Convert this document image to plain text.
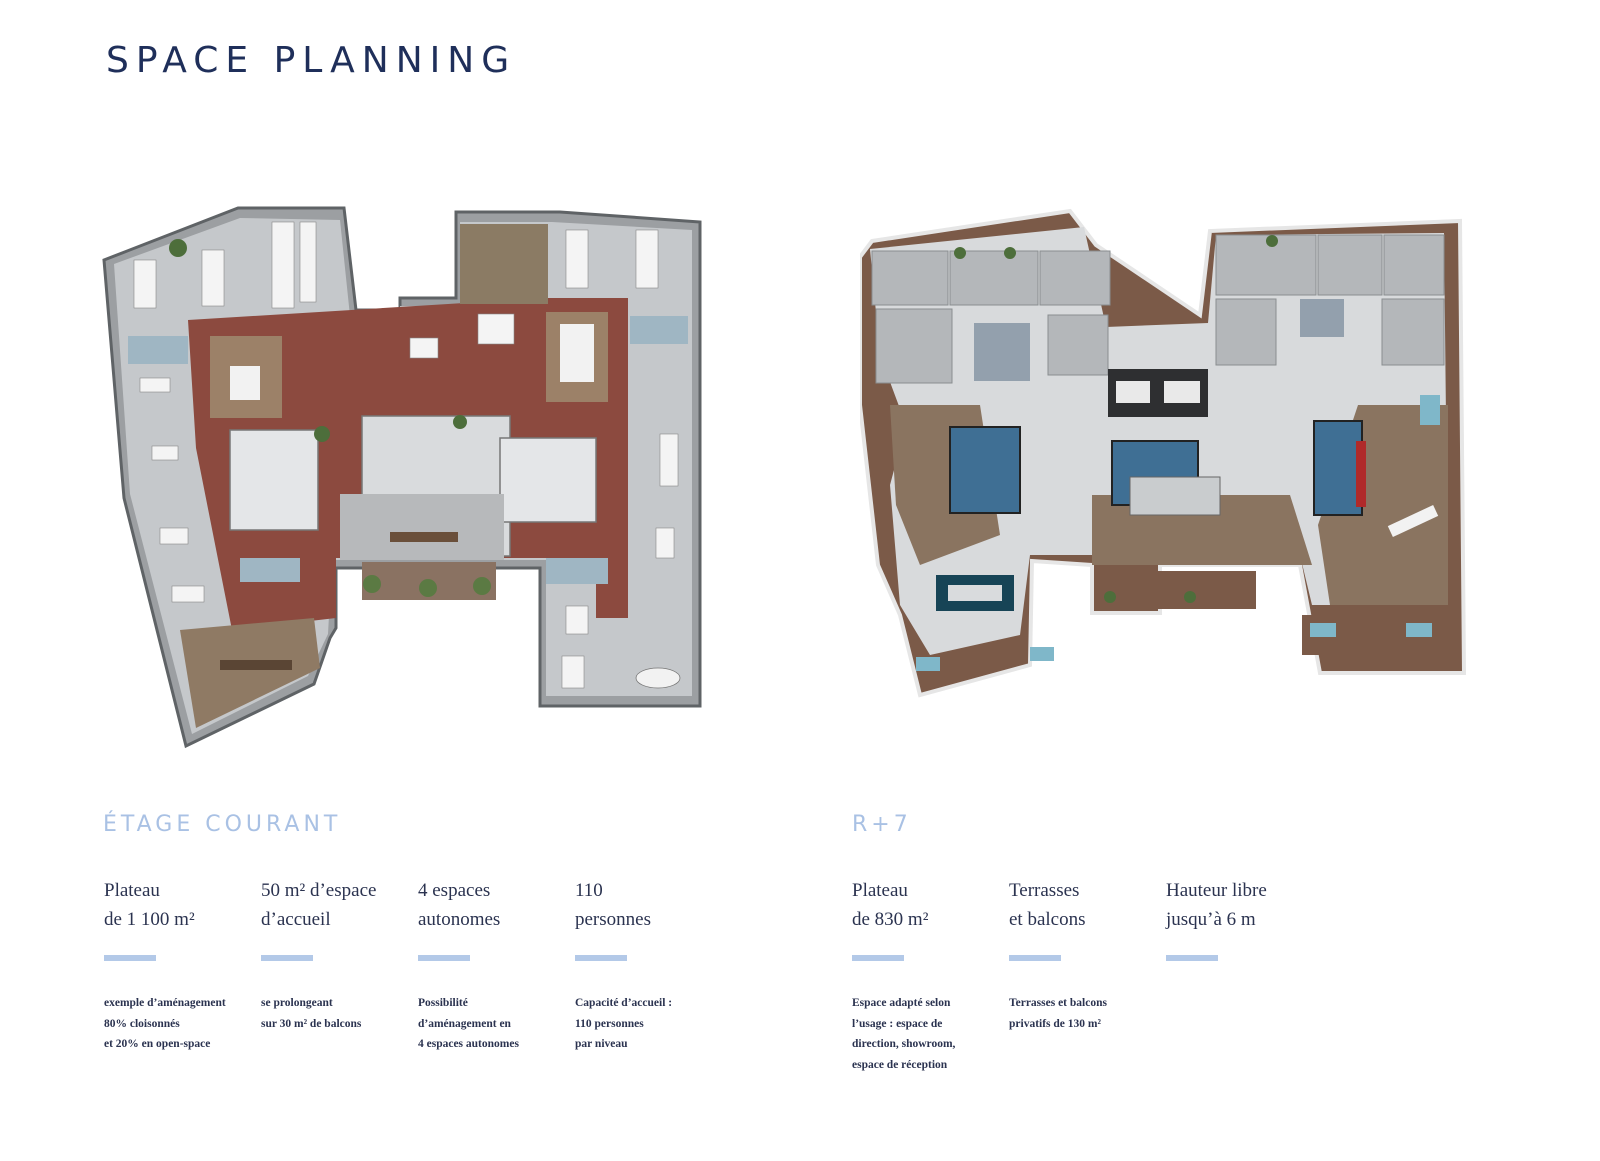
SPACE PLANNING
ÉTAGE COURANT
Plateau
de 1 100 m²
exemple d’aménagement
80% cloisonnés
et 20% en open-space
50 m² d’espace
d’accueil
se prolongeant
sur 30 m² de balcons
4 espaces
autonomes
Possibilité
d’aménagement en
4 espaces autonomes
110
personnes
Capacité d’accueil :
110 personnes
par niveau
R+7
Plateau
de 830 m²
Espace adapté selon
l’usage : espace de
direction, showroom,
espace de réception
Terrasses
et balcons
Terrasses et balcons
privatifs de 130 m²
Hauteur libre
jusqu’à 6 m
